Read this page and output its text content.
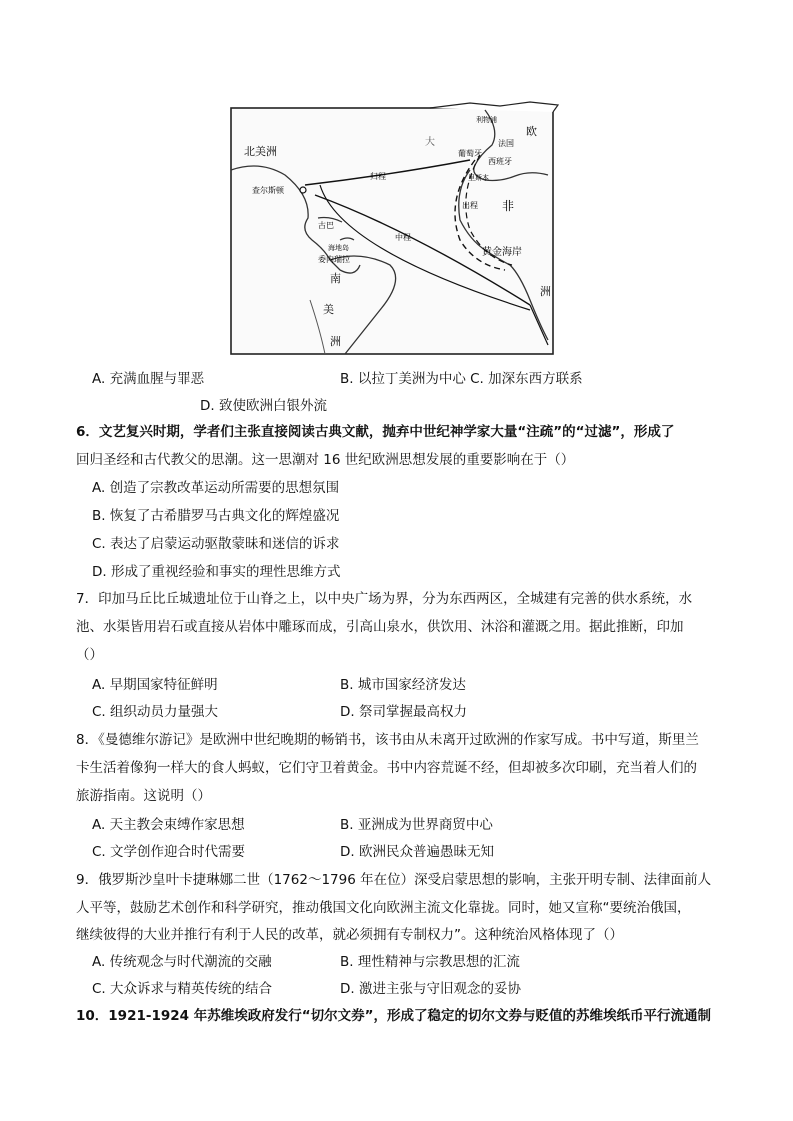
北美洲
查尔斯顿
古巴
海地岛
委内瑞拉
南
美
洲
大
归程
中程
出程
利物浦
欧
法国
葡萄牙
西班牙
里斯本
非
黄金海岸
洲
A. 充满血腥与罪恶	B. 以拉丁美洲为中心 C. 加深东西方联系
D. 致使欧洲白银外流
6．文艺复兴时期，学者们主张直接阅读古典文献，抛弃中世纪神学家大量“注疏”的“过滤”，形成了
回归圣经和古代教父的思潮。这一思潮对 16 世纪欧洲思想发展的重要影响在于（）
A. 创造了宗教改革运动所需要的思想氛围
B. 恢复了古希腊罗马古典文化的辉煌盛况
C. 表达了启蒙运动驱散蒙昧和迷信的诉求
D. 形成了重视经验和事实的理性思维方式
7．印加马丘比丘城遗址位于山脊之上，以中央广场为界，分为东西两区，全城建有完善的供水系统，水
池、水渠皆用岩石或直接从岩体中雕琢而成，引高山泉水，供饮用、沐浴和灌溉之用。据此推断，印加
（）
A. 早期国家特征鲜明	B. 城市国家经济发达
C. 组织动员力量强大	D. 祭司掌握最高权力
8．《曼德维尔游记》是欧洲中世纪晚期的畅销书，该书由从未离开过欧洲的作家写成。书中写道，斯里兰
卡生活着像狗一样大的食人蚂蚁，它们守卫着黄金。书中内容荒诞不经，但却被多次印刷，充当着人们的
旅游指南。这说明（）
A. 天主教会束缚作家思想	B. 亚洲成为世界商贸中心
C. 文学创作迎合时代需要	D. 欧洲民众普遍愚昧无知
9．俄罗斯沙皇叶卡捷琳娜二世（1762～1796 年在位）深受启蒙思想的影响，主张开明专制、法律面前人
人平等，鼓励艺术创作和科学研究，推动俄国文化向欧洲主流文化靠拢。同时，她又宣称“要统治俄国，
继续彼得的大业并推行有利于人民的改革，就必须拥有专制权力”。这种统治风格体现了（）
A. 传统观念与时代潮流的交融	B. 理性精神与宗教思想的汇流
C. 大众诉求与精英传统的结合	D. 激进主张与守旧观念的妥协
10．1921-1924 年苏维埃政府发行“切尔文券”，形成了稳定的切尔文券与贬值的苏维埃纸币平行流通制
